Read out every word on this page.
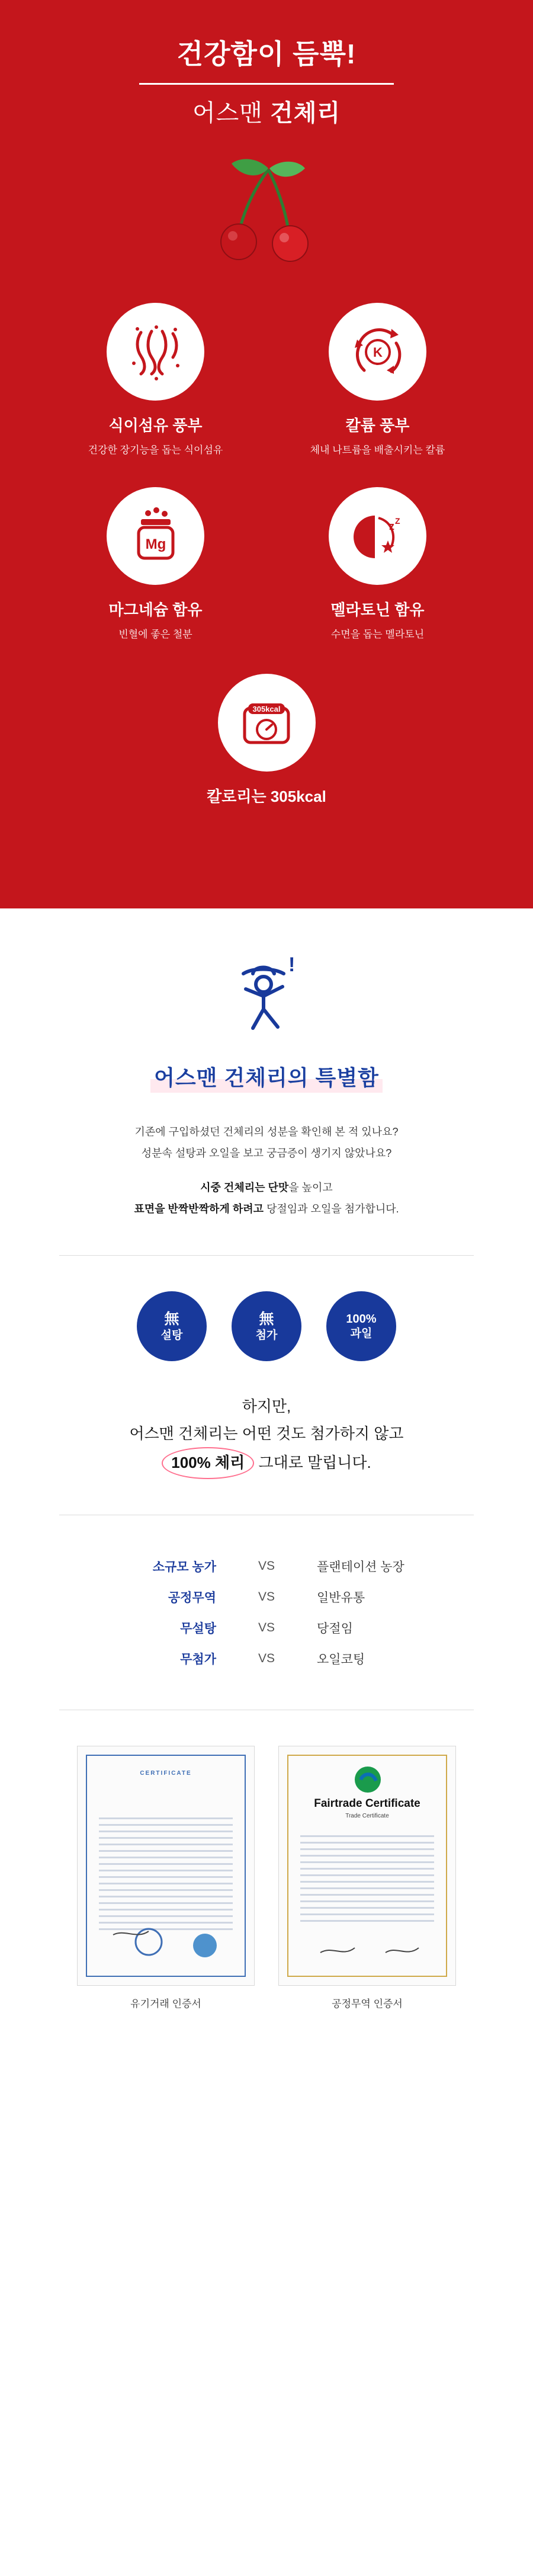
건강함이 듬뿍!
어스맨 건체리
식이섬유 풍부
건강한 장기능을 돕는 식이섬유
K
칼륨 풍부
체내 나트륨을 배출시키는 칼륨
Mg
마그네슘 함유
빈혈에 좋은 철분
z Z
멜라토닌 함유
수면을 돕는 멜라토닌
305kcal
칼로리는 305kcal
!
어스맨 건체리의 특별함
기존에 구입하셨던 건체리의 성분을 확인해 본 적 있나요?
성분속 설탕과 오일을 보고 궁금증이 생기지 않았나요?
시중 건체리는 단맛을 높이고
표면을 반짝반짝하게 하려고 당절임과 오일을 첨가합니다.
無
설탕
無
첨가
100%
과일
하지만,
어스맨 건체리는 어떤 것도 첨가하지 않고
100% 체리 그대로 말립니다.
소규모 농가	VS	플랜테이션 농장
공정무역	VS	일반유통
무설탕	VS	당절임
무첨가	VS	오일코팅
CERTIFICATE
유기거래 인증서
Fairtrade Certificate
Trade Certificate
공정무역 인증서
